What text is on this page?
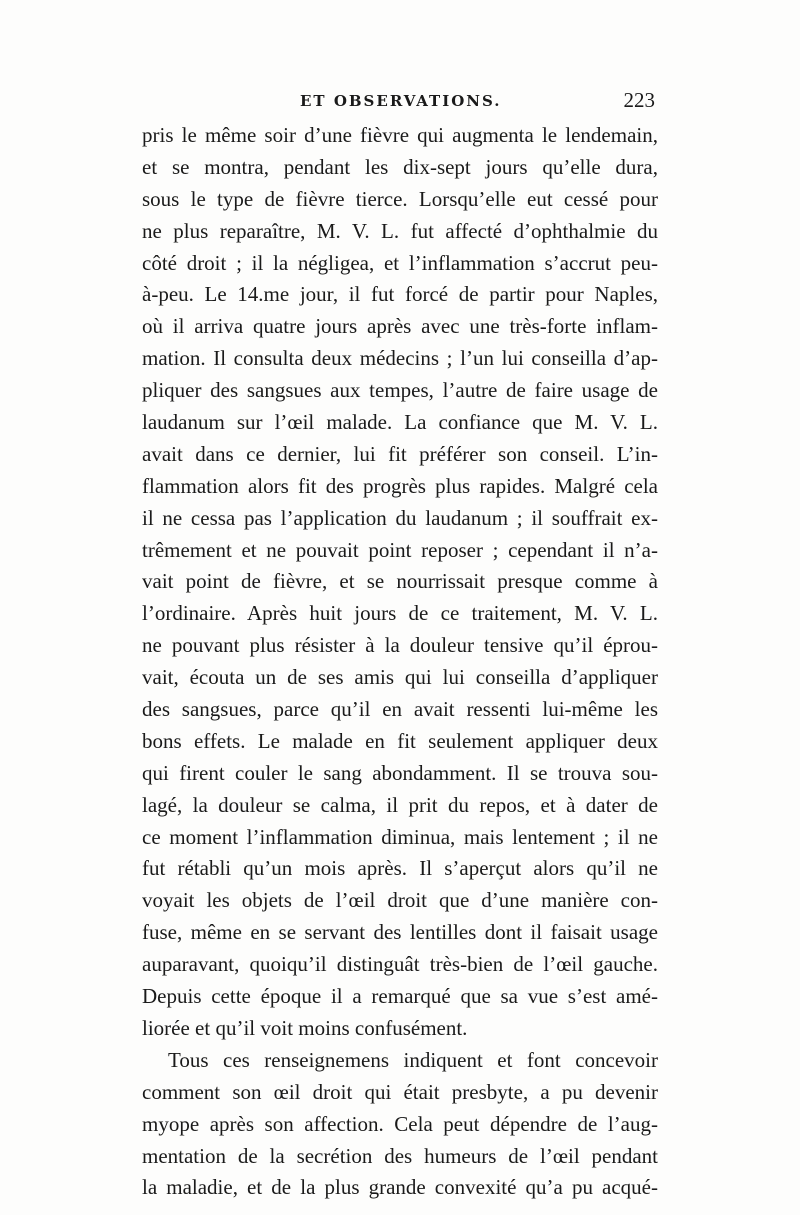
ET OBSERVATIONS.	223
pris le même soir d’une fièvre qui augmenta le lendemain,
et se montra, pendant les dix-sept jours qu’elle dura,
sous le type de fièvre tierce. Lorsqu’elle eut cessé pour
ne plus reparaître, M. V. L. fut affecté d’ophthalmie du
côté droit ; il la négligea, et l’inflammation s’accrut peu-
à-peu. Le 14.me jour, il fut forcé de partir pour Naples,
où il arriva quatre jours après avec une très-forte inflam-
mation. Il consulta deux médecins ; l’un lui conseilla d’ap-
pliquer des sangsues aux tempes, l’autre de faire usage de
laudanum sur l’œil malade. La confiance que M. V. L.
avait dans ce dernier, lui fit préférer son conseil. L’in-
flammation alors fit des progrès plus rapides. Malgré cela
il ne cessa pas l’application du laudanum ; il souffrait ex-
trêmement et ne pouvait point reposer ; cependant il n’a-
vait point de fièvre, et se nourrissait presque comme à
l’ordinaire. Après huit jours de ce traitement, M. V. L.
ne pouvant plus résister à la douleur tensive qu’il éprou-
vait, écouta un de ses amis qui lui conseilla d’appliquer
des sangsues, parce qu’il en avait ressenti lui-même les
bons effets. Le malade en fit seulement appliquer deux
qui firent couler le sang abondamment. Il se trouva sou-
lagé, la douleur se calma, il prit du repos, et à dater de
ce moment l’inflammation diminua, mais lentement ; il ne
fut rétabli qu’un mois après. Il s’aperçut alors qu’il ne
voyait les objets de l’œil droit que d’une manière con-
fuse, même en se servant des lentilles dont il faisait usage
auparavant, quoiqu’il distinguât très-bien de l’œil gauche.
Depuis cette époque il a remarqué que sa vue s’est amé-
liorée et qu’il voit moins confusément.
Tous ces renseignemens indiquent et font concevoir
comment son œil droit qui était presbyte, a pu devenir
myope après son affection. Cela peut dépendre de l’aug-
mentation de la secrétion des humeurs de l’œil pendant
la maladie, et de la plus grande convexité qu’a pu acqué-
